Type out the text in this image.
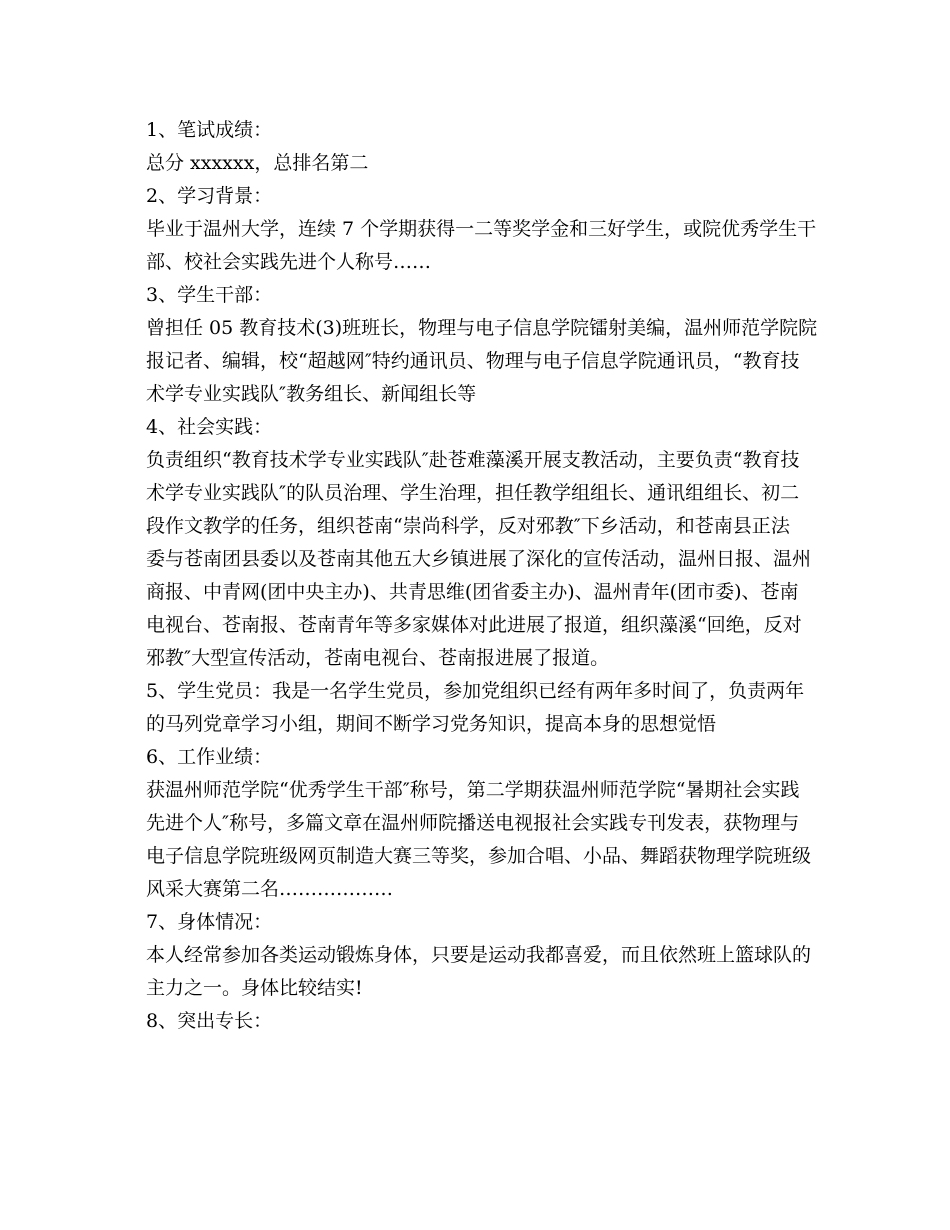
1、笔试成绩：
总分 xxxxxx，总排名第二
2、学习背景：
毕业于温州大学，连续 7 个学期获得一二等奖学金和三好学生，或院优秀学生干
部、校社会实践先进个人称号……
3、学生干部：
曾担任 05 教育技术(3)班班长，物理与电子信息学院镭射美编，温州师范学院院
报记者、编辑，校“超越网″特约通讯员、物理与电子信息学院通讯员，“教育技
术学专业实践队″教务组长、新闻组长等
4、社会实践：
负责组织“教育技术学专业实践队″赴苍难藻溪开展支教活动，主要负责“教育技
术学专业实践队″的队员治理、学生治理，担任教学组组长、通讯组组长、初二
段作文教学的任务，组织苍南“崇尚科学，反对邪教″下乡活动，和苍南县正法
委与苍南团县委以及苍南其他五大乡镇进展了深化的宣传活动，温州日报、温州
商报、中青网(团中央主办)、共青思维(团省委主办)、温州青年(团市委)、苍南
电视台、苍南报、苍南青年等多家媒体对此进展了报道，组织藻溪“回绝，反对
邪教″大型宣传活动，苍南电视台、苍南报进展了报道。
5、学生党员：我是一名学生党员，参加党组织已经有两年多时间了，负责两年
的马列党章学习小组，期间不断学习党务知识，提高本身的思想觉悟
6、工作业绩：
获温州师范学院“优秀学生干部″称号，第二学期获温州师范学院“暑期社会实践
先进个人″称号，多篇文章在温州师院播送电视报社会实践专刊发表，获物理与
电子信息学院班级网页制造大赛三等奖，参加合唱、小品、舞蹈获物理学院班级
风采大赛第二名………………
7、身体情况：
本人经常参加各类运动锻炼身体，只要是运动我都喜爱，而且依然班上篮球队的
主力之一。身体比较结实!
8、突出专长：
